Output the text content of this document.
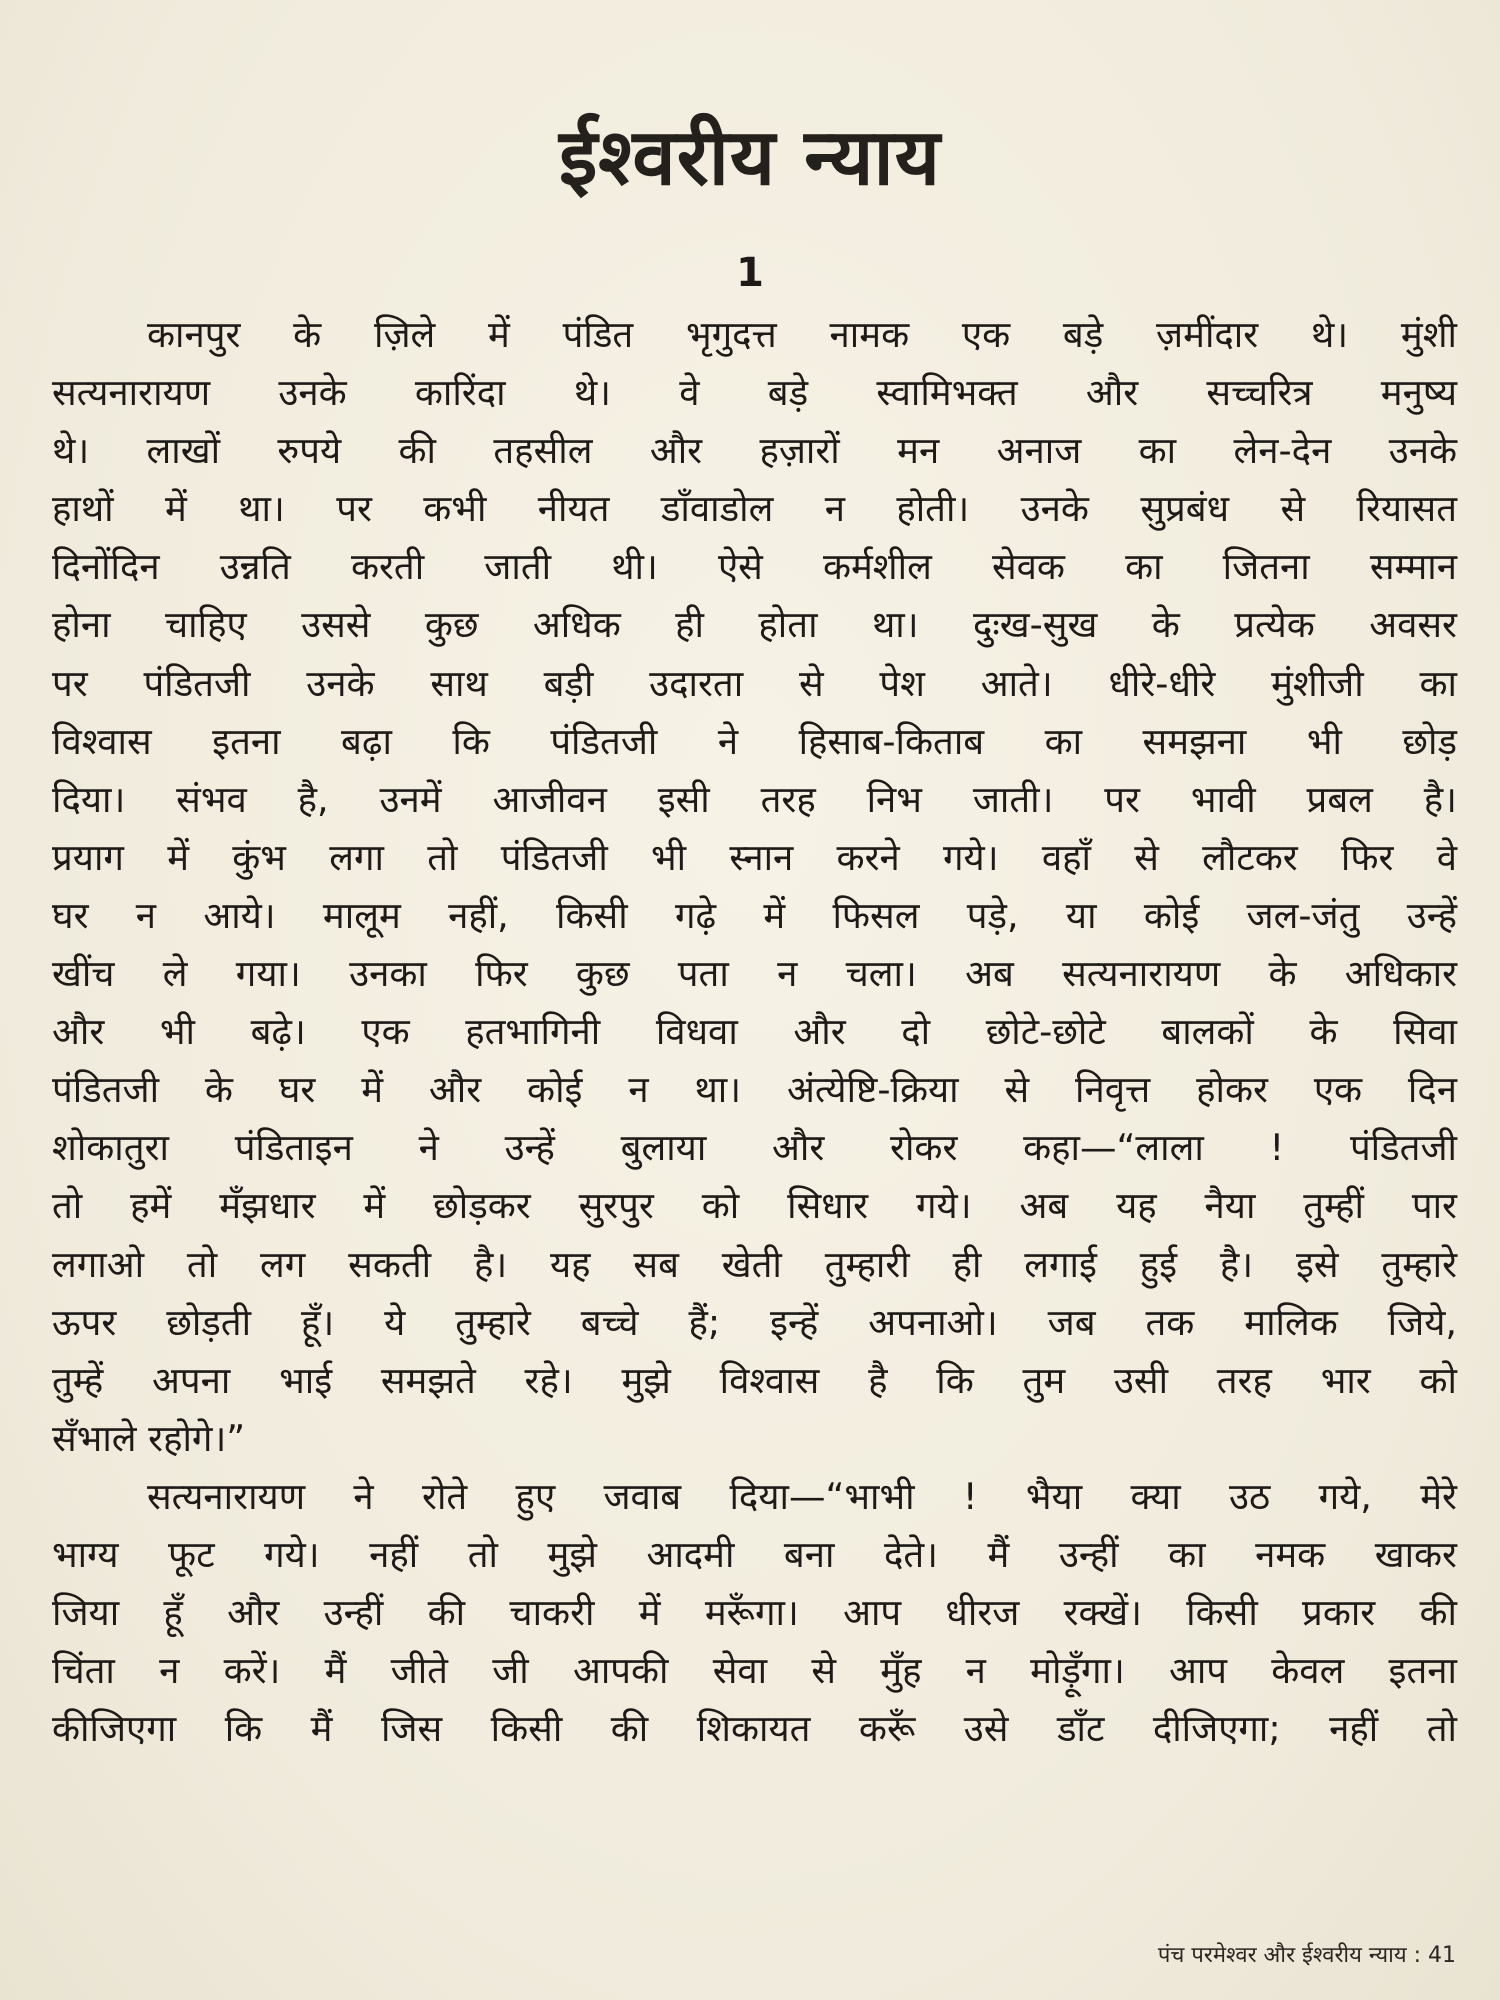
ईश्वरीय न्याय
1
कानपुर के ज़िले में पंडित भृगुदत्त नामक एक बड़े ज़मींदार थे। मुंशी
सत्यनारायण उनके कारिंदा थे। वे बड़े स्वामिभक्त और सच्चरित्र मनुष्य
थे। लाखों रुपये की तहसील और हज़ारों मन अनाज का लेन-देन उनके
हाथों में था। पर कभी नीयत डाँवाडोल न होती। उनके सुप्रबंध से रियासत
दिनोंदिन उन्नति करती जाती थी। ऐसे कर्मशील सेवक का जितना सम्मान
होना चाहिए उससे कुछ अधिक ही होता था। दुःख-सुख के प्रत्येक अवसर
पर पंडितजी उनके साथ बड़ी उदारता से पेश आते। धीरे-धीरे मुंशीजी का
विश्वास इतना बढ़ा कि पंडितजी ने हिसाब-किताब का समझना भी छोड़
दिया। संभव है, उनमें आजीवन इसी तरह निभ जाती। पर भावी प्रबल है।
प्रयाग में कुंभ लगा तो पंडितजी भी स्नान करने गये। वहाँ से लौटकर फिर वे
घर न आये। मालूम नहीं, किसी गढ़े में फिसल पड़े, या कोई जल-जंतु उन्हें
खींच ले गया। उनका फिर कुछ पता न चला। अब सत्यनारायण के अधिकार
और भी बढ़े। एक हतभागिनी विधवा और दो छोटे-छोटे बालकों के सिवा
पंडितजी के घर में और कोई न था। अंत्येष्टि-क्रिया से निवृत्त होकर एक दिन
शोकातुरा पंडिताइन ने उन्हें बुलाया और रोकर कहा—“लाला ! पंडितजी
तो हमें मँझधार में छोड़कर सुरपुर को सिधार गये। अब यह नैया तुम्हीं पार
लगाओ तो लग सकती है। यह सब खेती तुम्हारी ही लगाई हुई है। इसे तुम्हारे
ऊपर छोड़ती हूँ। ये तुम्हारे बच्चे हैं; इन्हें अपनाओ। जब तक मालिक जिये,
तुम्हें अपना भाई समझते रहे। मुझे विश्वास है कि तुम उसी तरह भार को
सँभाले रहोगे।”
सत्यनारायण ने रोते हुए जवाब दिया—“भाभी ! भैया क्या उठ गये, मेरे
भाग्य फूट गये। नहीं तो मुझे आदमी बना देते। मैं उन्हीं का नमक खाकर
जिया हूँ और उन्हीं की चाकरी में मरूँगा। आप धीरज रक्खें। किसी प्रकार की
चिंता न करें। मैं जीते जी आपकी सेवा से मुँह न मोड़ूँगा। आप केवल इतना
कीजिएगा कि मैं जिस किसी की शिकायत करूँ उसे डाँट दीजिएगा; नहीं तो
पंच परमेश्वर और ईश्वरीय न्याय : 41
